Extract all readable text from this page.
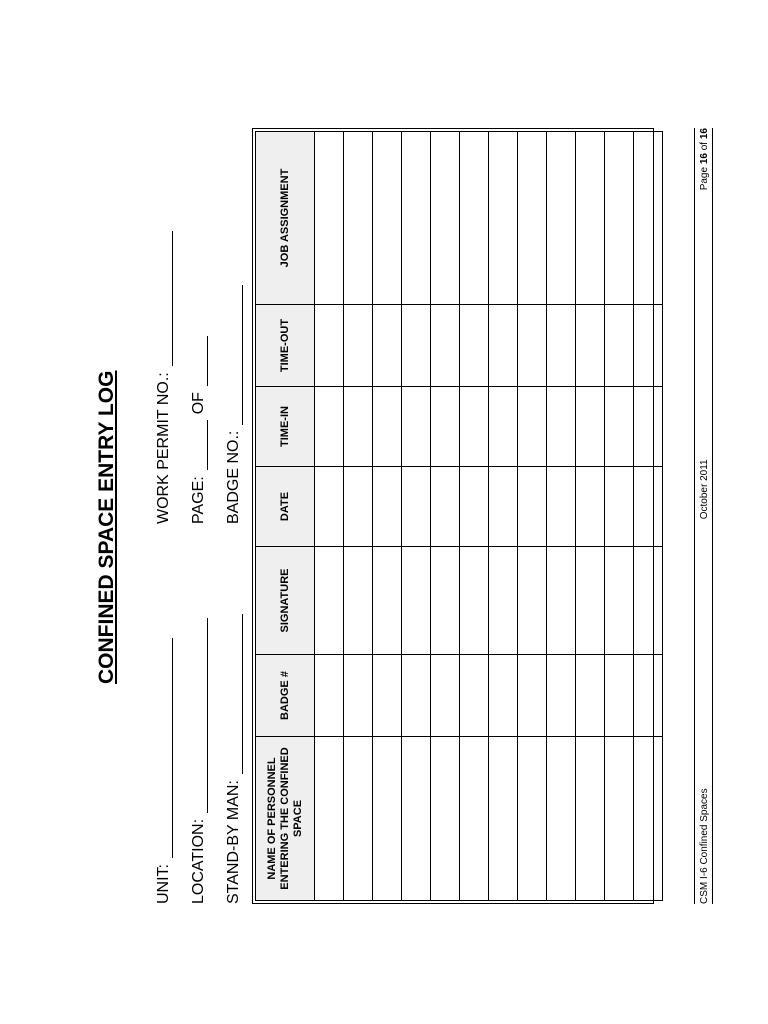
CONFINED SPACE ENTRY LOG
UNIT:
WORK PERMIT NO.:
LOCATION:
PAGE:
OF
STAND-BY MAN:
BADGE NO.:
NAME OF PERSONNEL ENTERING THE CONFINED SPACE	BADGE #	SIGNATURE	DATE	TIME-IN	TIME-OUT	JOB ASSIGNMENT

CSM I-6 Confined Spaces
October 2011
Page 16 of 16
